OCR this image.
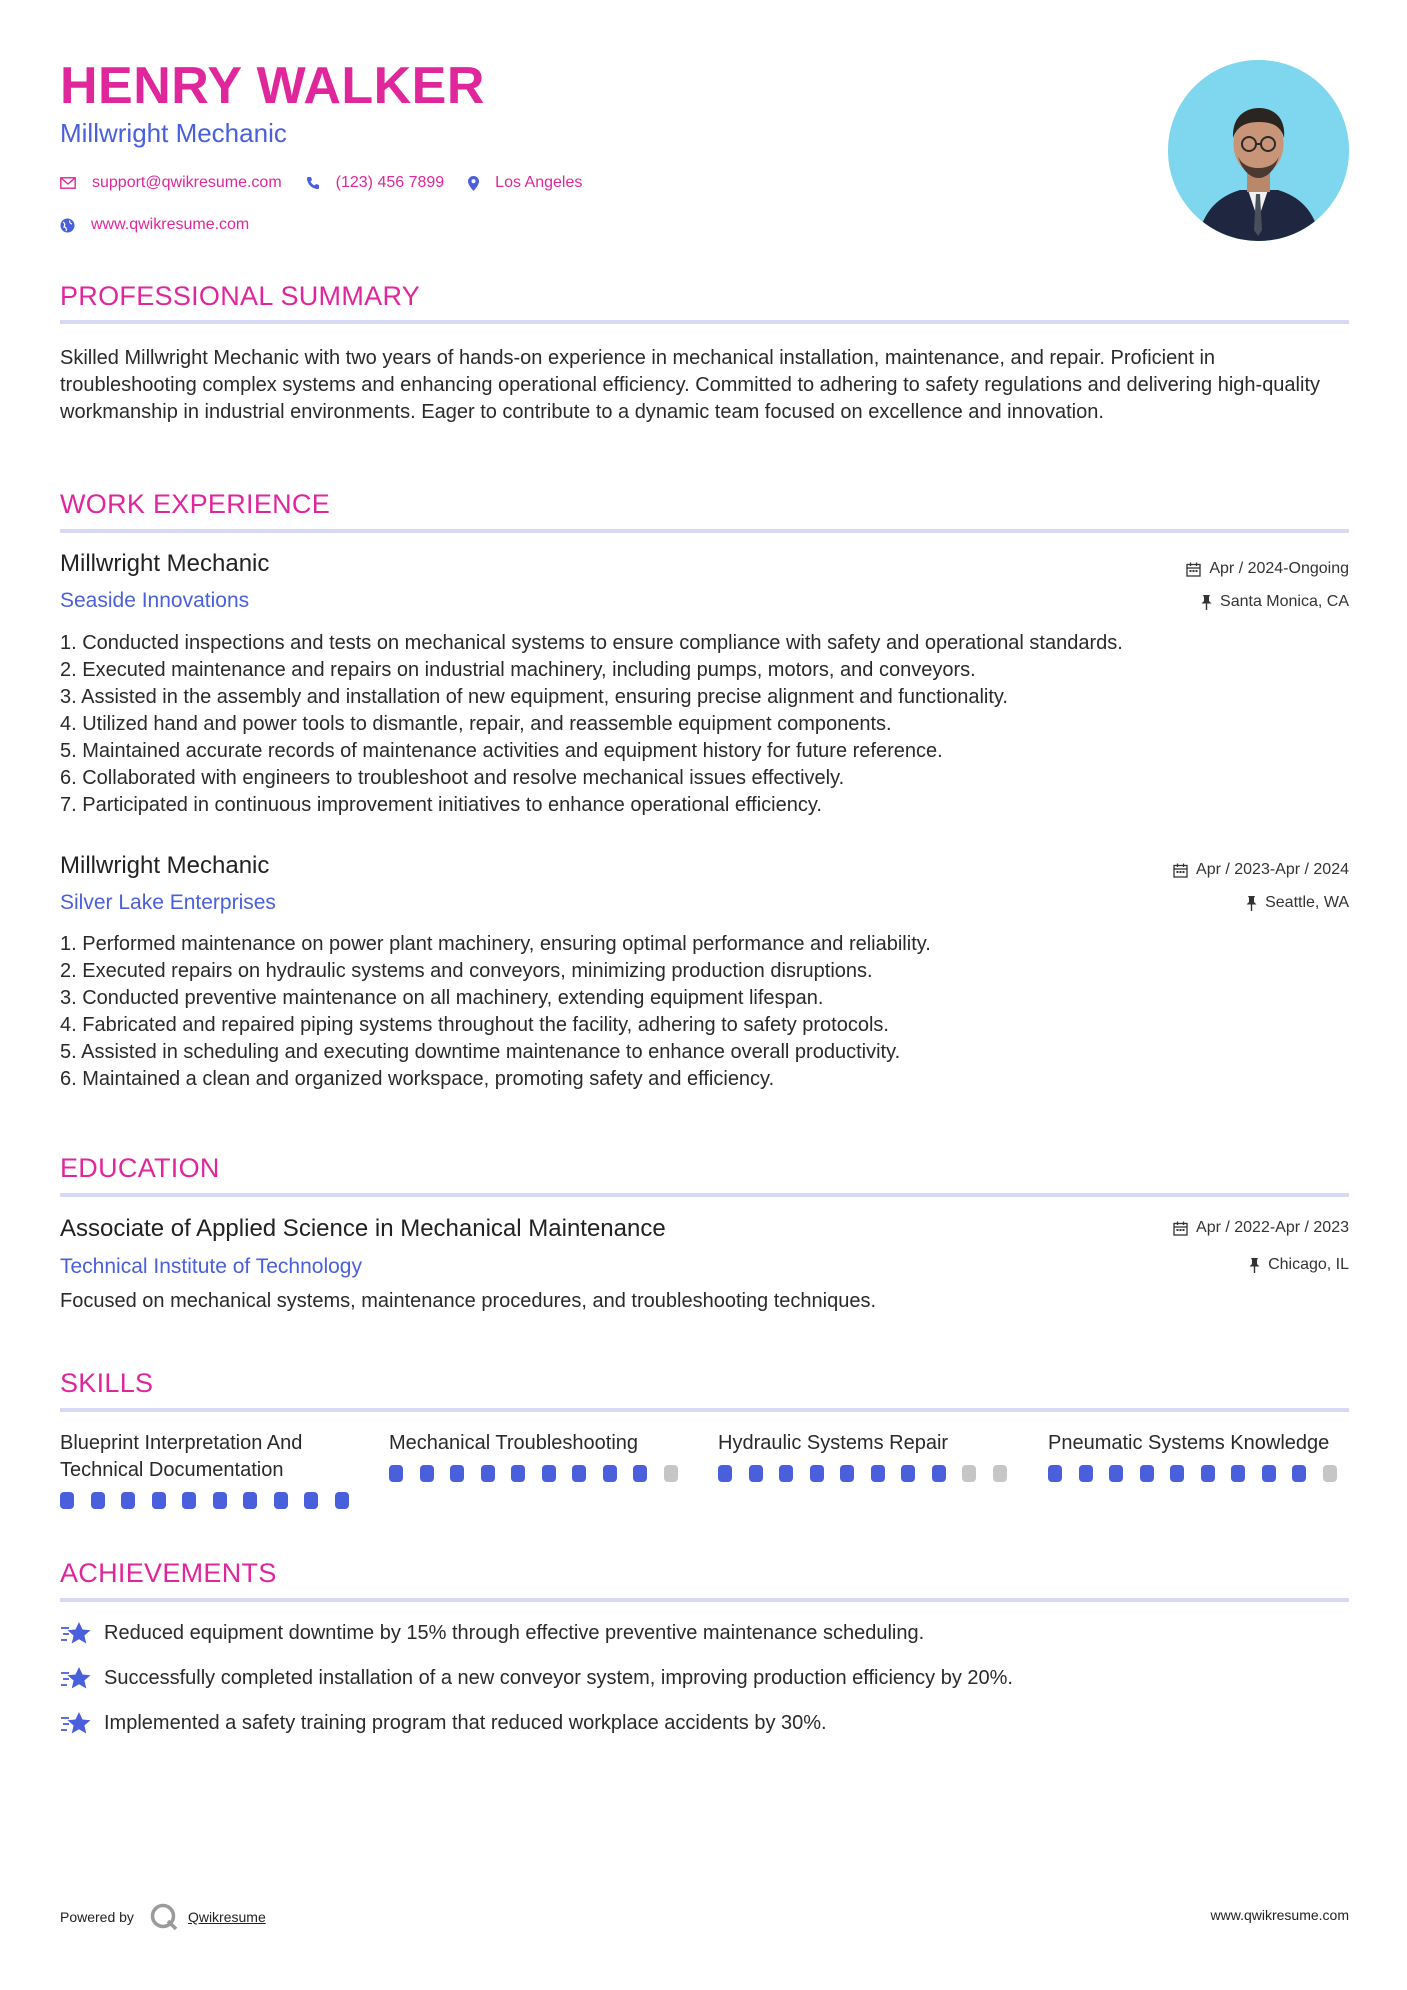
HENRY WALKER
Millwright Mechanic
support@qwikresume.com	(123) 456 7899	Los Angeles
www.qwikresume.com
PROFESSIONAL SUMMARY
Skilled Millwright Mechanic with two years of hands-on experience in mechanical installation, maintenance, and repair. Proficient in troubleshooting complex systems and enhancing operational efficiency. Committed to adhering to safety regulations and delivering high-quality workmanship in industrial environments. Eager to contribute to a dynamic team focused on excellence and innovation.
WORK EXPERIENCE
Millwright Mechanic	Apr / 2024-Ongoing
Seaside Innovations	Santa Monica, CA
1. Conducted inspections and tests on mechanical systems to ensure compliance with safety and operational standards.
2. Executed maintenance and repairs on industrial machinery, including pumps, motors, and conveyors.
3. Assisted in the assembly and installation of new equipment, ensuring precise alignment and functionality.
4. Utilized hand and power tools to dismantle, repair, and reassemble equipment components.
5. Maintained accurate records of maintenance activities and equipment history for future reference.
6. Collaborated with engineers to troubleshoot and resolve mechanical issues effectively.
7. Participated in continuous improvement initiatives to enhance operational efficiency.
Millwright Mechanic	Apr / 2023-Apr / 2024
Silver Lake Enterprises	Seattle, WA
1. Performed maintenance on power plant machinery, ensuring optimal performance and reliability.
2. Executed repairs on hydraulic systems and conveyors, minimizing production disruptions.
3. Conducted preventive maintenance on all machinery, extending equipment lifespan.
4. Fabricated and repaired piping systems throughout the facility, adhering to safety protocols.
5. Assisted in scheduling and executing downtime maintenance to enhance overall productivity.
6. Maintained a clean and organized workspace, promoting safety and efficiency.
EDUCATION
Associate of Applied Science in Mechanical Maintenance	Apr / 2022-Apr / 2023
Technical Institute of Technology	Chicago, IL
Focused on mechanical systems, maintenance procedures, and troubleshooting techniques.
SKILLS
Blueprint Interpretation And Technical Documentation
Mechanical Troubleshooting	Hydraulic Systems Repair	Pneumatic Systems Knowledge
ACHIEVEMENTS
Reduced equipment downtime by 15% through effective preventive maintenance scheduling.
Successfully completed installation of a new conveyor system, improving production efficiency by 20%.
Implemented a safety training program that reduced workplace accidents by 30%.
Powered by	Qwikresume	www.qwikresume.com
